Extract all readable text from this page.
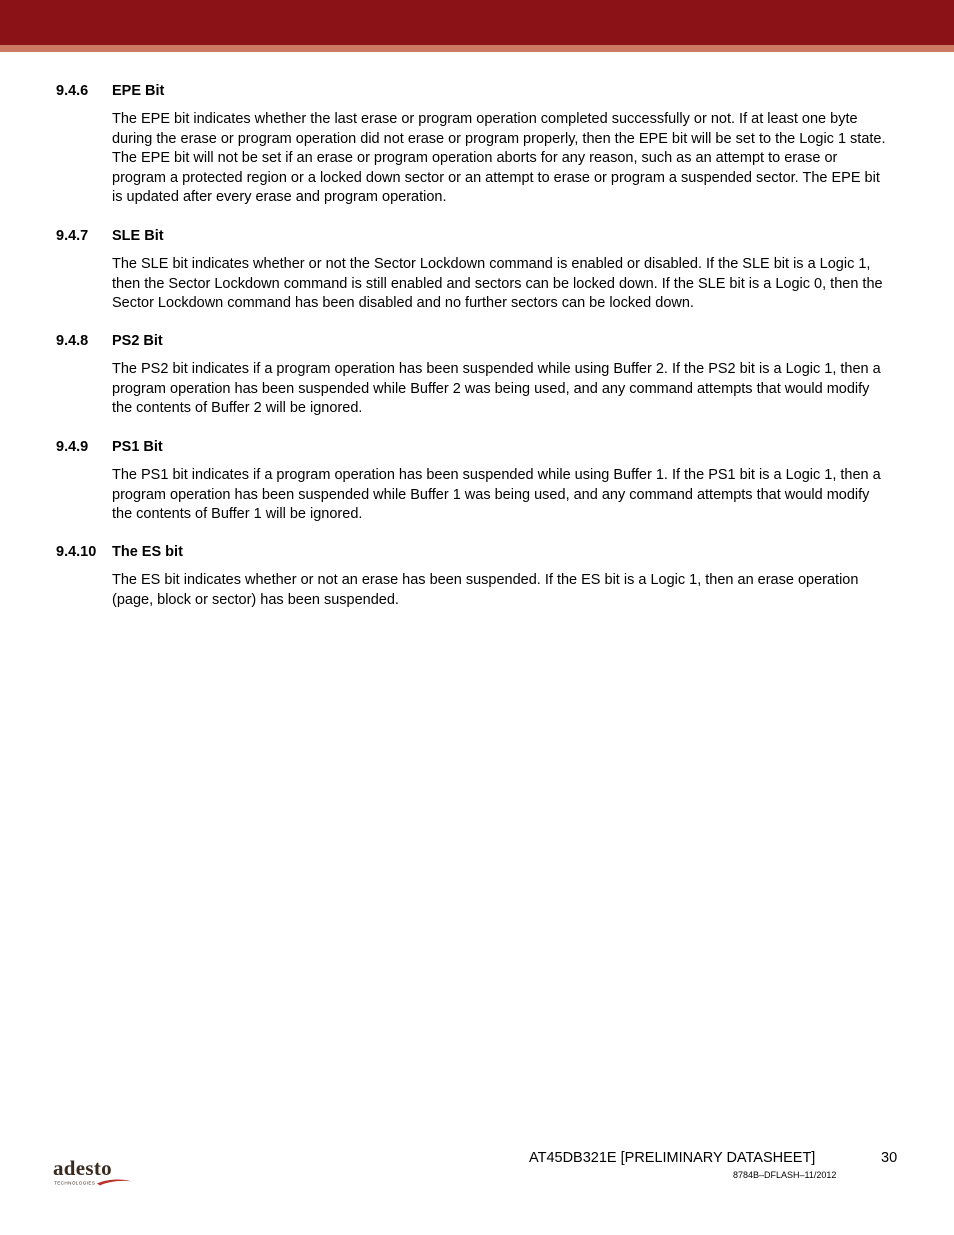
9.4.6 EPE Bit
The EPE bit indicates whether the last erase or program operation completed successfully or not. If at least one byte
during the erase or program operation did not erase or program properly, then the EPE bit will be set to the Logic 1 state.
The EPE bit will not be set if an erase or program operation aborts for any reason, such as an attempt to erase or
program a protected region or a locked down sector or an attempt to erase or program a suspended sector. The EPE bit
is updated after every erase and program operation.
9.4.7 SLE Bit
The SLE bit indicates whether or not the Sector Lockdown command is enabled or disabled. If the SLE bit is a Logic 1,
then the Sector Lockdown command is still enabled and sectors can be locked down. If the SLE bit is a Logic 0, then the
Sector Lockdown command has been disabled and no further sectors can be locked down.
9.4.8 PS2 Bit
The PS2 bit indicates if a program operation has been suspended while using Buffer 2. If the PS2 bit is a Logic 1, then a
program operation has been suspended while Buffer 2 was being used, and any command attempts that would modify
the contents of Buffer 2 will be ignored.
9.4.9 PS1 Bit
The PS1 bit indicates if a program operation has been suspended while using Buffer 1. If the PS1 bit is a Logic 1, then a
program operation has been suspended while Buffer 1 was being used, and any command attempts that would modify
the contents of Buffer 1 will be ignored.
9.4.10 The ES bit
The ES bit indicates whether or not an erase has been suspended. If the ES bit is a Logic 1, then an erase operation
(page, block or sector) has been suspended.
adesto
TECHNOLOGIES
AT45DB321E [PRELIMINARY DATASHEET]	30
8784B–DFLASH–11/2012
